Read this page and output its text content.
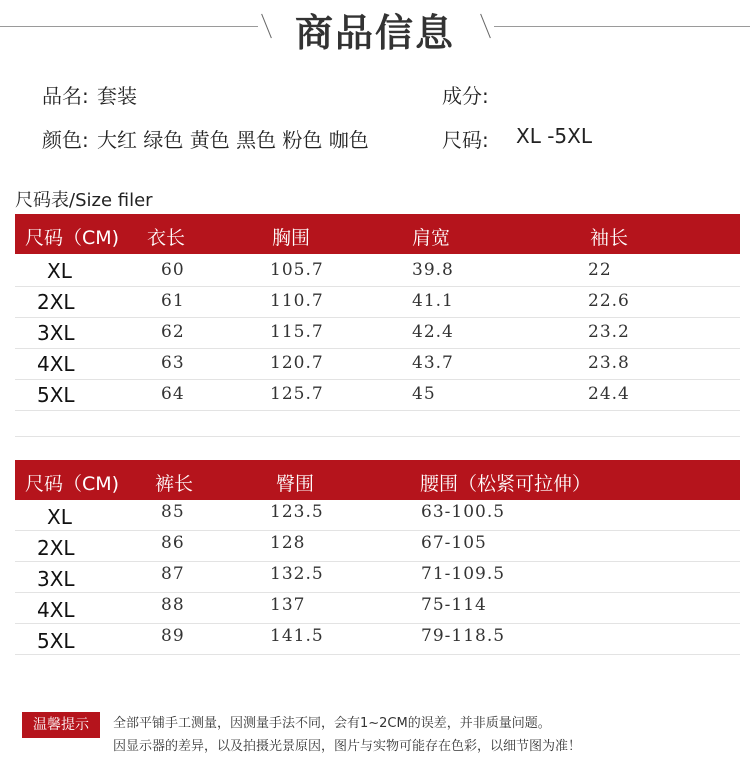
商品信息
品名: 套装	成分:
颜色: 大红 绿色 黄色 黑色 粉色 咖色	尺码: XL -5XL
尺码表/Size filer
尺码（CM) 衣长	胸围	肩宽	袖长
XL	60	105.7	39.8	22
2XL	61	110.7	41.1	22.6
3XL	62	115.7	42.4	23.2
4XL	63	120.7	43.7	23.8
5XL	64	125.7	45	24.4
尺码（CM) 裤长	臀围	腰围（松紧可拉伸）
XL	85	123.5	63-100.5
2XL	86	128	67-105
3XL	87	132.5	71-109.5
4XL	88	137	75-114
5XL	89	141.5	79-118.5
温馨提示	全部平铺手工测量，因测量手法不同，会有1~2CM的误差，并非质量问题。
因显示器的差异，以及拍摄光景原因，图片与实物可能存在色彩，以细节图为准！
